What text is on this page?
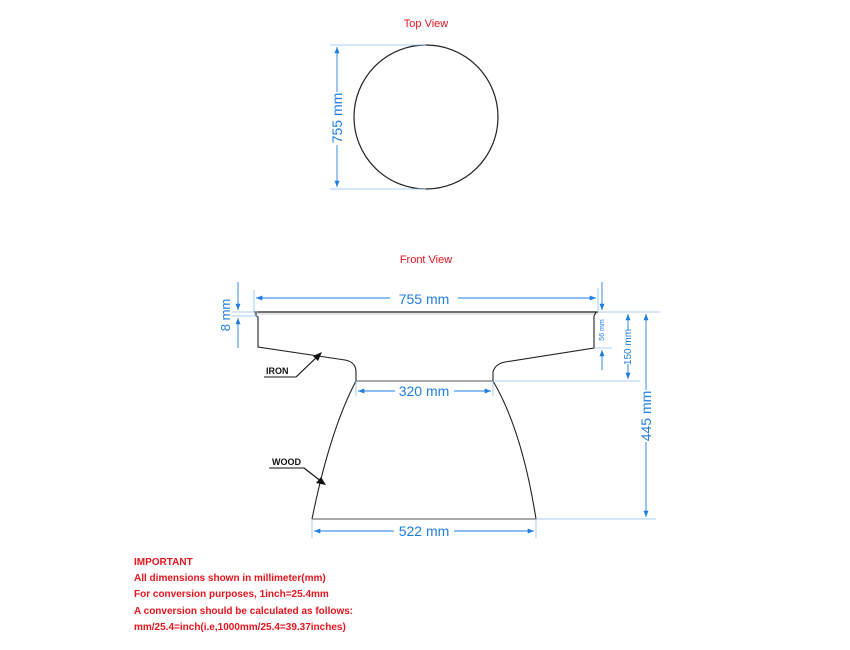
Top View
755 mm
Front View
755 mm
8 mm	56 mm 150 mm
445 mm
320 mm
522 mm
IRON
WOOD
IMPORTANT
All dimensions shown in millimeter(mm)
For conversion purposes, 1inch=25.4mm
A conversion should be calculated as follows:
mm/25.4=inch(i.e,1000mm/25.4=39.37inches)
